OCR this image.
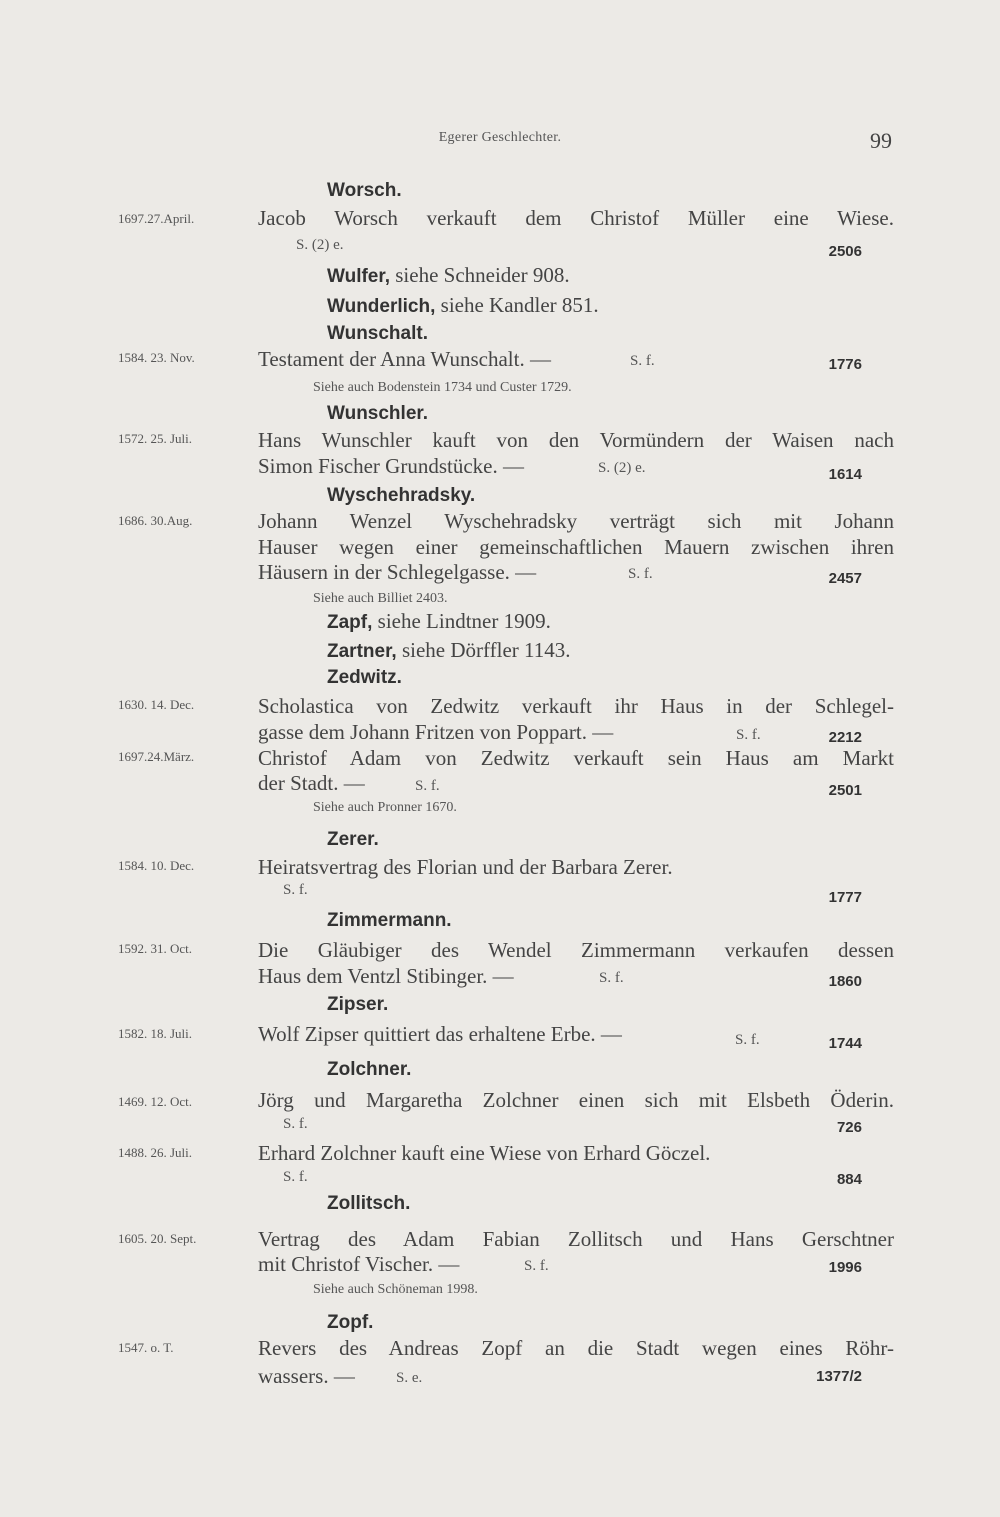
Egerer Geschlechter.	99
Worsch.
1697.27.April.	Jacob Worsch verkauft dem Christof Müller eine Wiese.
S. (2) e.	2506
Wulfer, siehe Schneider 908.
Wunderlich, siehe Kandler 851.
Wunschalt.
1584. 23. Nov.	Testament der Anna Wunschalt. —	S. f.	1776
Siehe auch Bodenstein 1734 und Custer 1729.
Wunschler.
1572. 25. Juli.	Hans Wunschler kauft von den Vormündern der Waisen nach
Simon Fischer Grundstücke. —	S. (2) e.	1614
Wyschehradsky.
1686. 30.Aug.	Johann Wenzel Wyschehradsky verträgt sich mit Johann
Hauser wegen einer gemeinschaftlichen Mauern zwischen ihren
Häusern in der Schlegelgasse. —	S. f.	2457
Siehe auch Billiet 2403.
Zapf, siehe Lindtner 1909.
Zartner, siehe Dörffler 1143.
Zedwitz.
1630. 14. Dec.	Scholastica von Zedwitz verkauft ihr Haus in der Schlegel-
gasse dem Johann Fritzen von Poppart. —	S. f.	2212
1697.24.März.	Christof Adam von Zedwitz verkauft sein Haus am Markt
der Stadt. —	S. f.	2501
Siehe auch Pronner 1670.
Zerer.
1584. 10. Dec.	Heiratsvertrag des Florian und der Barbara Zerer.
S. f.	1777
Zimmermann.
1592. 31. Oct.	Die Gläubiger des Wendel Zimmermann verkaufen dessen
Haus dem Ventzl Stibinger. —	S. f.	1860
Zipser.
1582. 18. Juli.	Wolf Zipser quittiert das erhaltene Erbe. —	S. f.	1744
Zolchner.
1469. 12. Oct.	Jörg und Margaretha Zolchner einen sich mit Elsbeth Öderin.
S. f.	726
1488. 26. Juli.	Erhard Zolchner kauft eine Wiese von Erhard Göczel.
S. f.	884
Zollitsch.
1605. 20. Sept.	Vertrag des Adam Fabian Zollitsch und Hans Gerschtner
mit Christof Vischer. —	S. f.	1996
Siehe auch Schöneman 1998.
Zopf.
1547. o. T.	Revers des Andreas Zopf an die Stadt wegen eines Röhr-
wassers. —	S. e.	1377/2
